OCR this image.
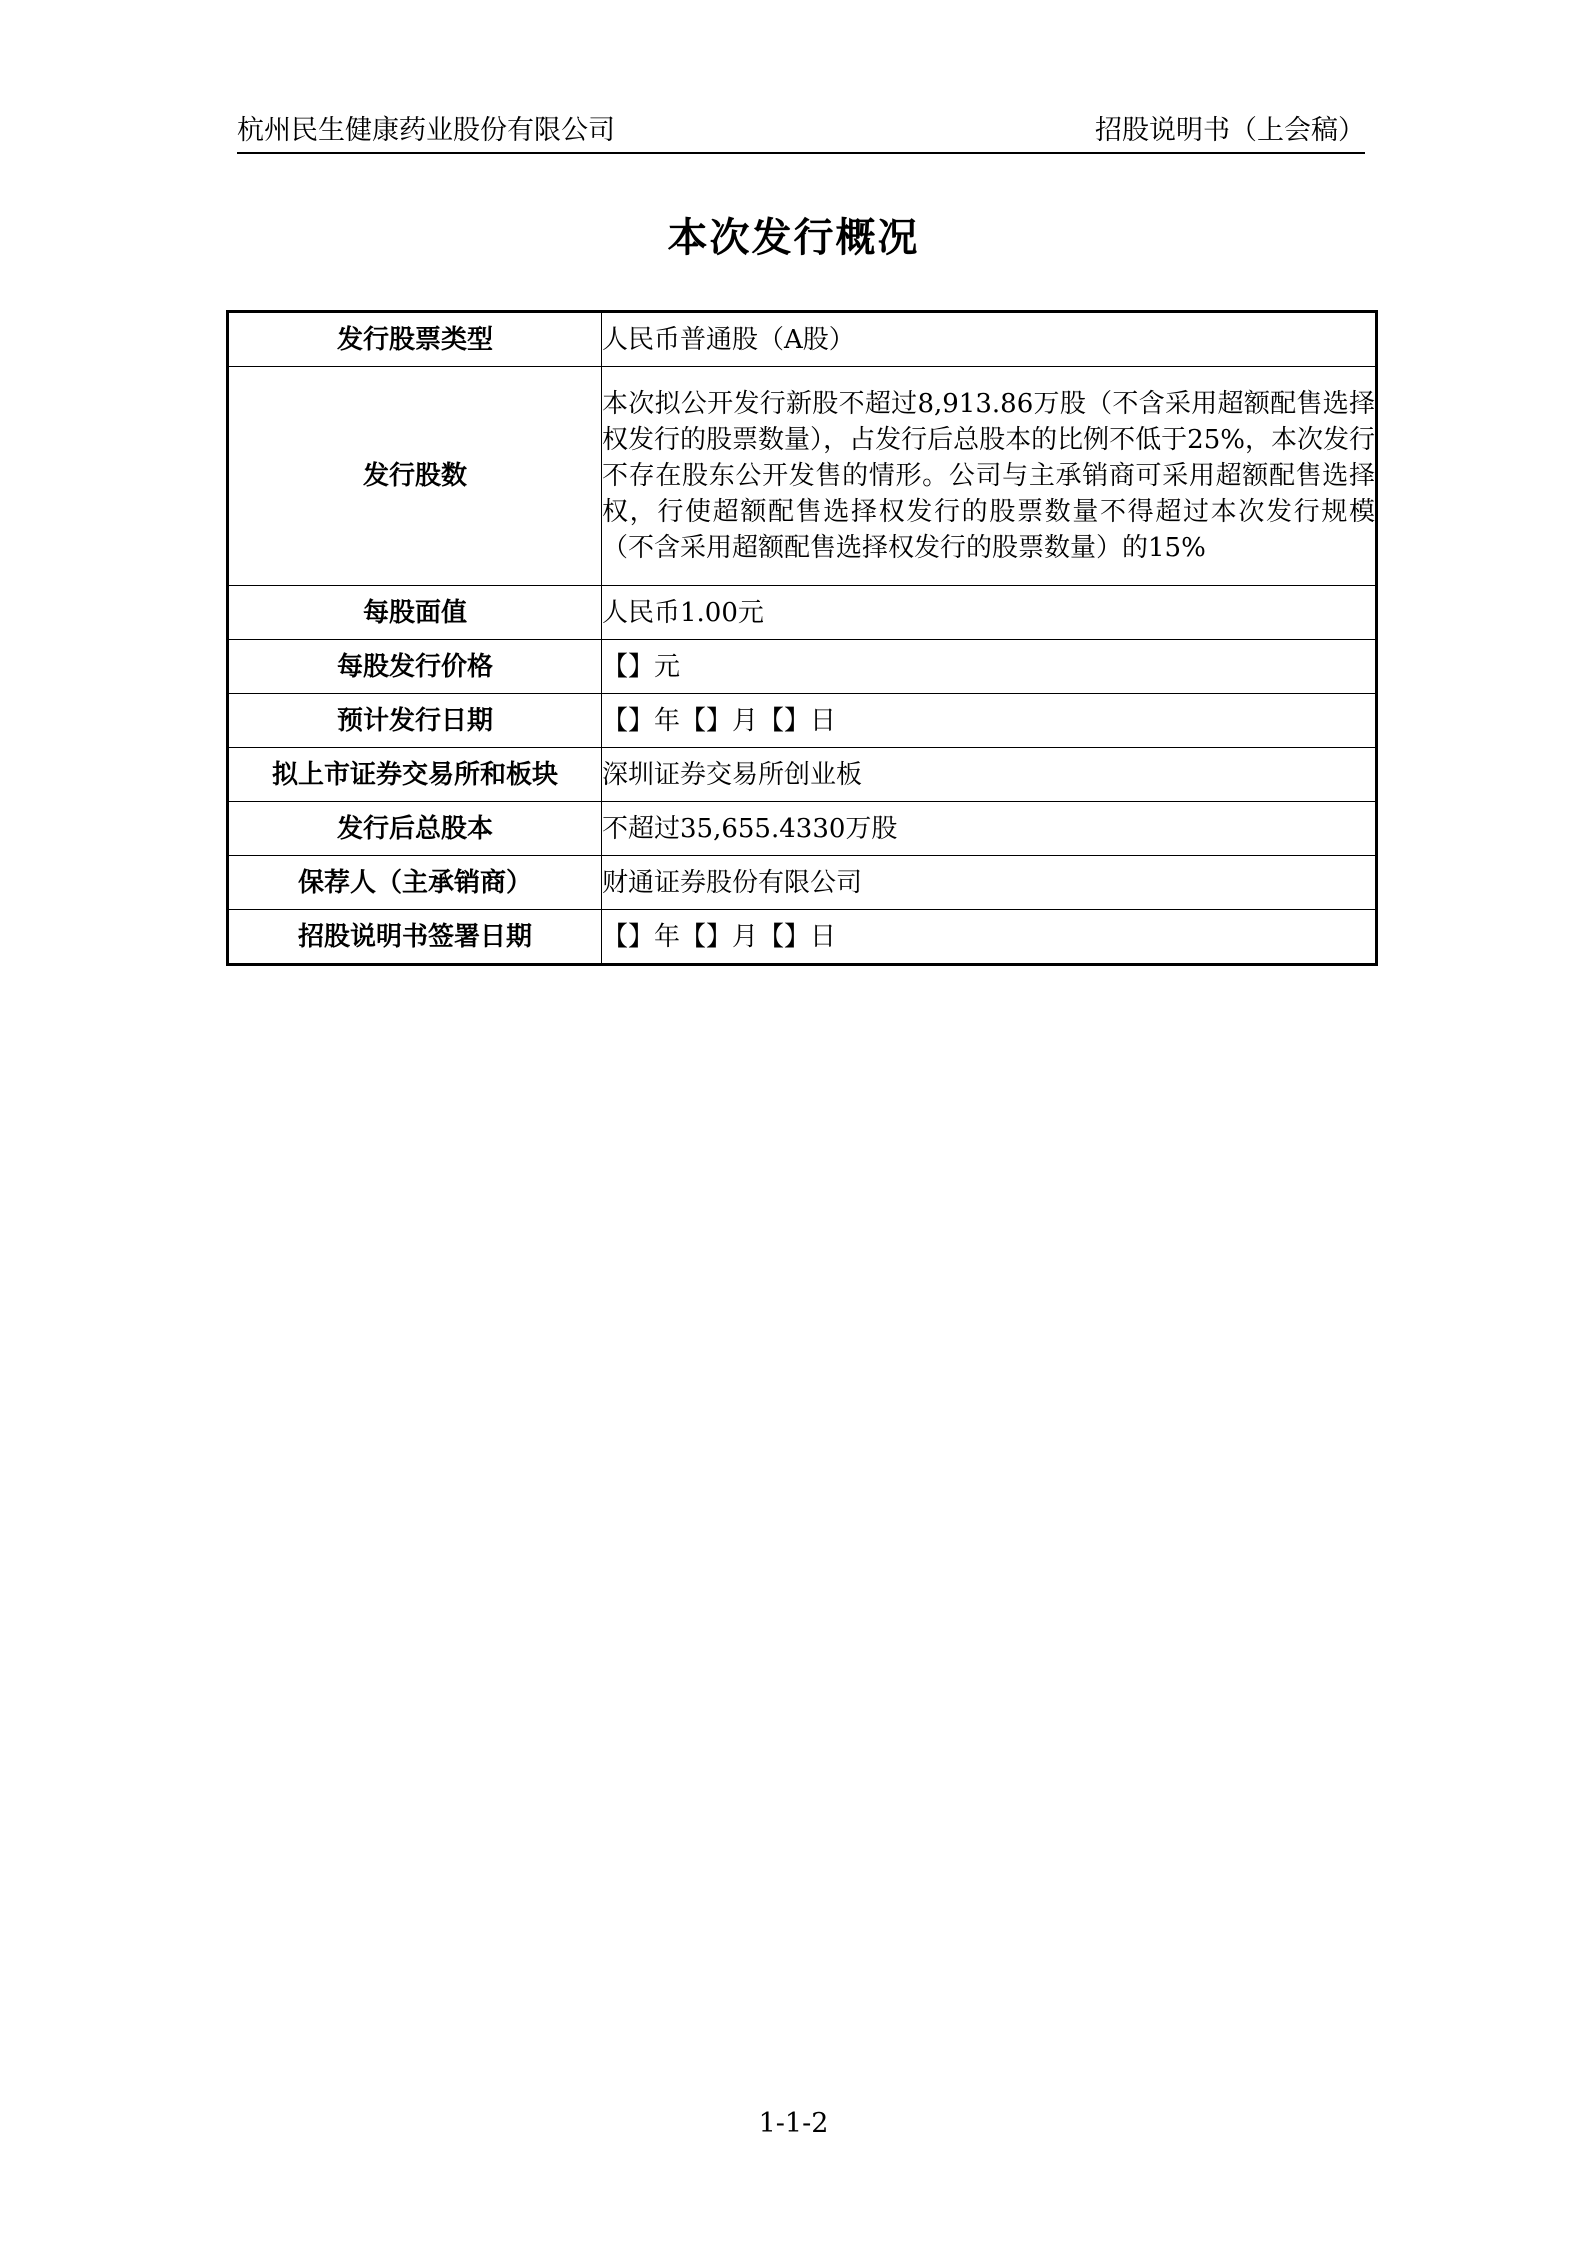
杭州民生健康药业股份有限公司	招股说明书（上会稿）
本次发行概况
发行股票类型	人民币普通股（A股）
发行股数	本次拟公开发行新股不超过8,913.86万股（不含采用超额配售选择权发行的股票数量），占发行后总股本的比例不低于25%，本次发行不存在股东公开发售的情形。公司与主承销商可采用超额配售选择权，行使超额配售选择权发行的股票数量不得超过本次发行规模（不含采用超额配售选择权发行的股票数量）的15%
每股面值	人民币1.00元
每股发行价格	【】元
预计发行日期	【】年【】月【】日
拟上市证券交易所和板块	深圳证券交易所创业板
发行后总股本	不超过35,655.4330万股
保荐人（主承销商）	财通证券股份有限公司
招股说明书签署日期	【】年【】月【】日
1-1-2
